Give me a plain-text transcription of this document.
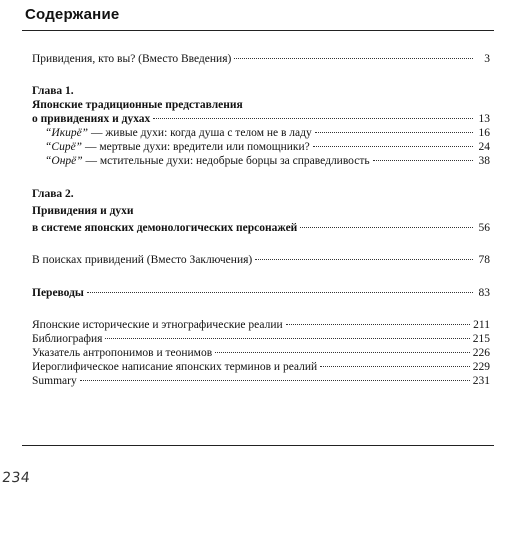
Содержание
Привидения, кто вы? (Вместо Введения)	3
Глава 1.
Японские традиционные представления
о привидениях и духах	13
“Икирё” — живые духи: когда душа с телом не в ладу	16
“Сирё” — мертвые духи: вредители или помощники?	24
“Онрё” — мстительные духи: недобрые борцы за справедливость	38
Глава 2.
Привидения и духи
в системе японских демонологических персонажей	56
В поисках привидений (Вместо Заключения)	78
Переводы	83
Японские исторические и этнографические реалии	211
Библиография	215
Указатель антропонимов и теонимов	226
Иероглифическое написание японских терминов и реалий	229
Summary	231
234
